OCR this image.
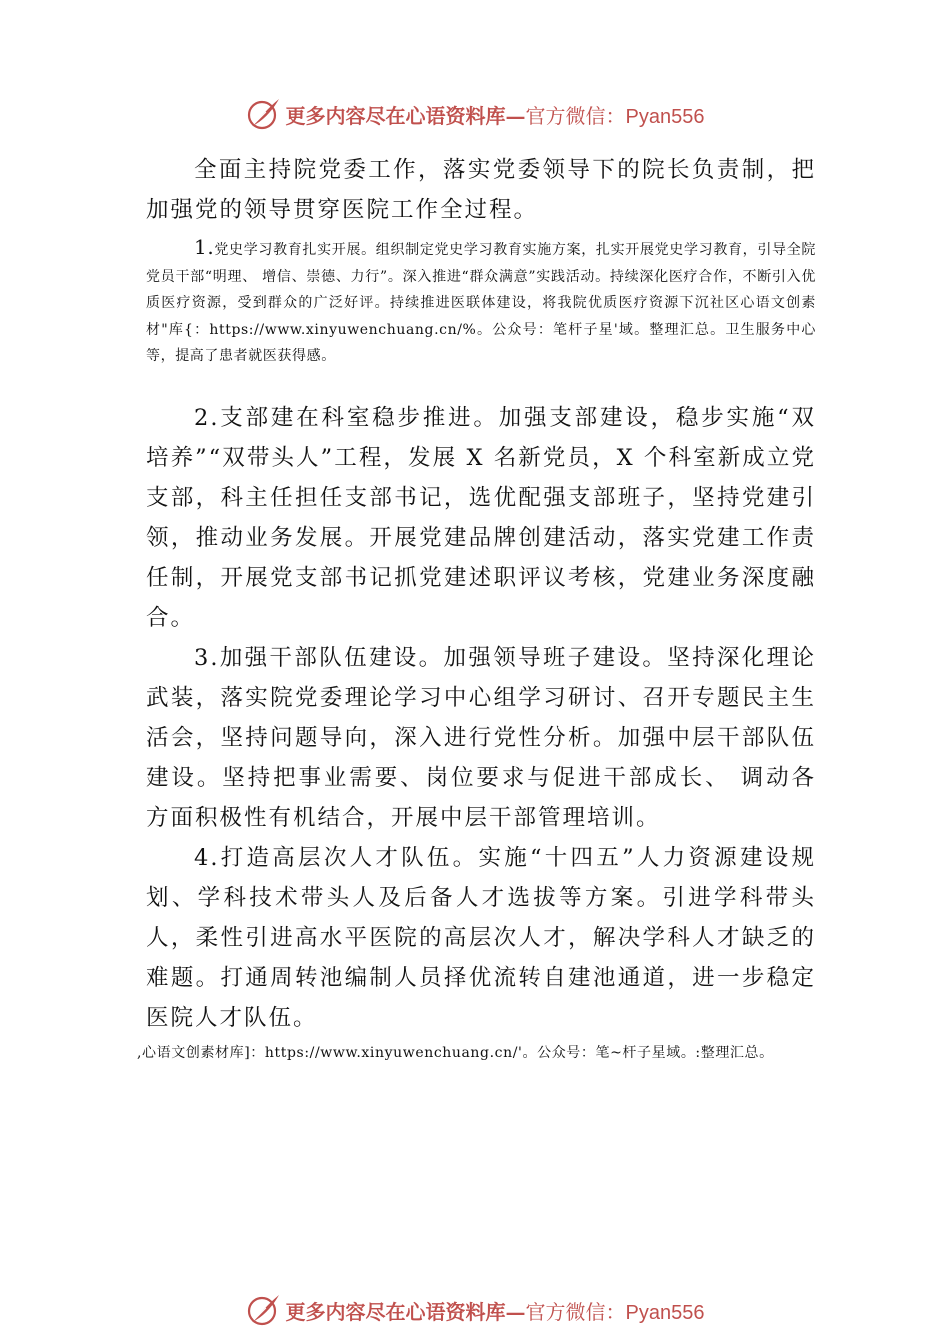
更多内容尽在心语资料库—官方微信：Pyan556

全面主持院党委工作，落实党委领导下的院长负责制，把加强党的领导贯穿医院工作全过程。

1.党史学习教育扎实开展。组织制定党史学习教育实施方案，扎实开展党史学习教育，引导全院党员干部“明理、 增信、崇德、力行”。深入推进“群众满意”实践活动。持续深化医疗合作，不断引入优质医疗资源，受到群众的广泛好评。持续推进医联体建设，将我院优质医疗资源下沉社区心语文创素材"库{：https://www.xinyuwenchuang.cn/%。公众号：笔杆子星'域。整理汇总。卫生服务中心等，提高了患者就医获得感。

2.支部建在科室稳步推进。加强支部建设，稳步实施“双培养”“双带头人”工程，发展 X 名新党员，X 个科室新成立党支部，科主任担任支部书记，选优配强支部班子，坚持党建引领，推动业务发展。开展党建品牌创建活动，落实党建工作责任制，开展党支部书记抓党建述职评议考核，党建业务深度融合。

3.加强干部队伍建设。加强领导班子建设。坚持深化理论武装，落实院党委理论学习中心组学习研讨、召开专题民主生活会，坚持问题导向，深入进行党性分析。加强中层干部队伍建设。坚持把事业需要、岗位要求与促进干部成长、 调动各方面积极性有机结合，开展中层干部管理培训。

4.打造高层次人才队伍。实施“十四五”人力资源建设规划、学科技术带头人及后备人才选拔等方案。引进学科带头人，柔性引进高水平医院的高层次人才，解决学科人才缺乏的难题。打通周转池编制人员择优流转自建池通道，进一步稳定医院人才队伍。

,心语文创素材库]：https://www.xinyuwenchuang.cn/'。公众号：笔~杆子星域。:整理汇总。

更多内容尽在心语资料库—官方微信：Pyan556
